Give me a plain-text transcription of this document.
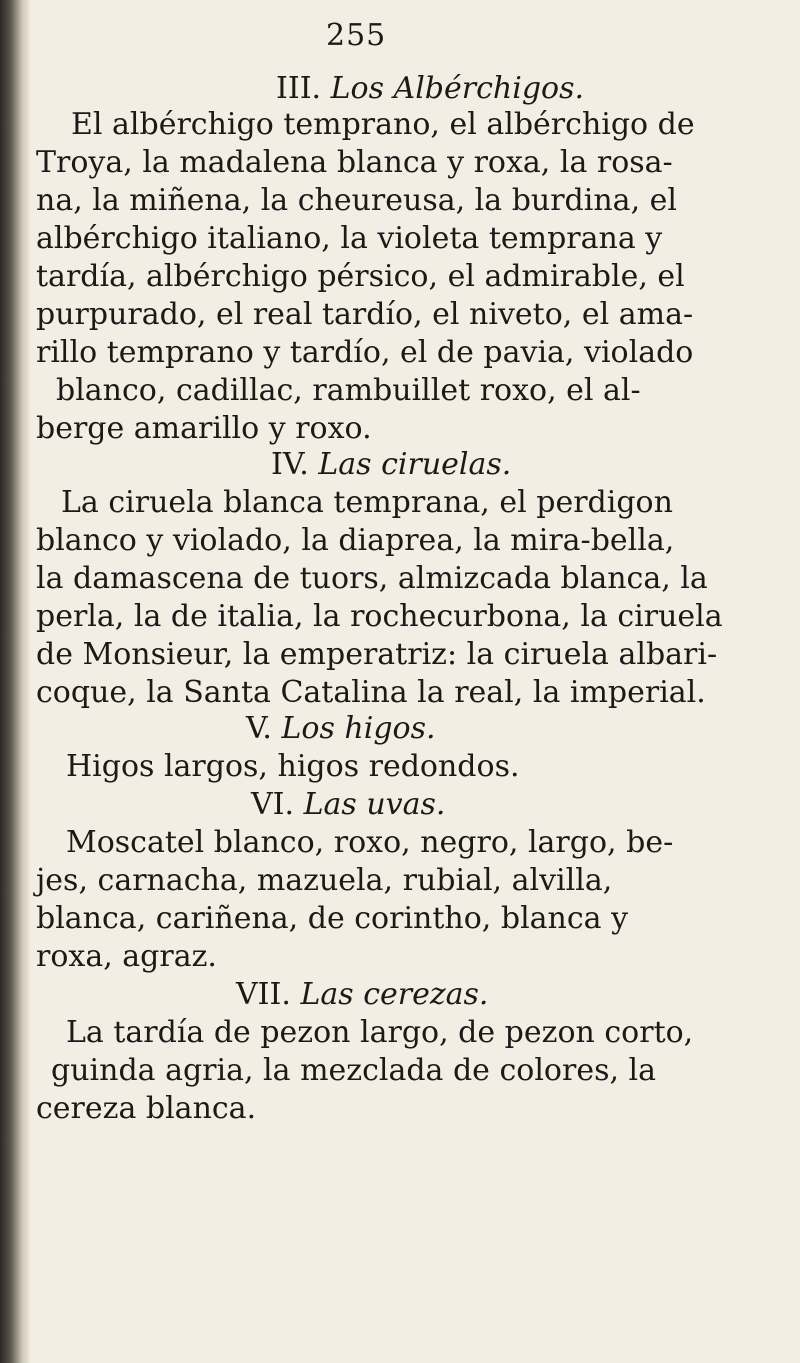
255
III. Los Albérchigos.
El albérchigo temprano, el albérchigo de
Troya, la madalena blanca y roxa, la rosa-
na, la miñena, la cheureusa, la burdina, el
albérchigo italiano, la violeta temprana y
tardía, albérchigo pérsico, el admirable, el
purpurado, el real tardío, el niveto, el ama-
rillo temprano y tardío, el de pavia, violado
blanco, cadillac, rambuillet roxo, el al-
berge amarillo y roxo.
IV. Las ciruelas.
La ciruela blanca temprana, el perdigon
blanco y violado, la diaprea, la mira-bella,
la damascena de tuors, almizcada blanca, la
perla, la de italia, la rochecurbona, la ciruela
de Monsieur, la emperatriz: la ciruela albari-
coque, la Santa Catalina la real, la imperial.
V. Los higos.
Higos largos, higos redondos.
VI. Las uvas.
Moscatel blanco, roxo, negro, largo, be-
jes, carnacha, mazuela, rubial, alvilla,
blanca, cariñena, de corintho, blanca y
roxa, agraz.
VII. Las cerezas.
La tardía de pezon largo, de pezon corto,
guinda agria, la mezclada de colores, la
cereza blanca.
